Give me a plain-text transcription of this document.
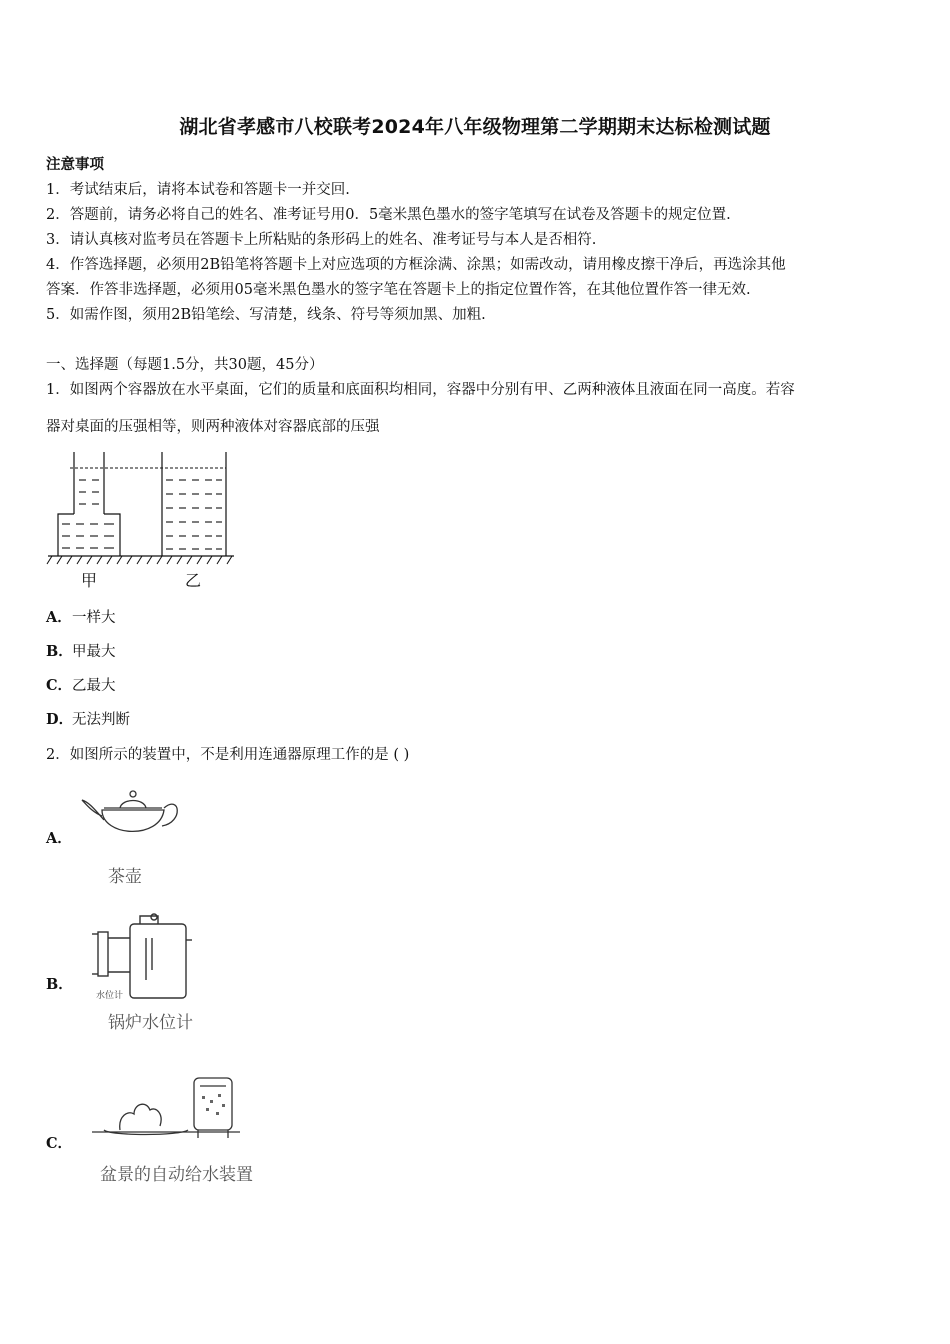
湖北省孝感市八校联考2024年八年级物理第二学期期末达标检测试题
注意事项
1．考试结束后，请将本试卷和答题卡一并交回.
2．答题前，请务必将自己的姓名、准考证号用0．5毫米黑色墨水的签字笔填写在试卷及答题卡的规定位置.
3．请认真核对监考员在答题卡上所粘贴的条形码上的姓名、准考证号与本人是否相符.
4．作答选择题，必须用2B铅笔将答题卡上对应选项的方框涂满、涂黑；如需改动，请用橡皮擦干净后，再选涂其他
答案．作答非选择题，必须用05毫米黑色墨水的签字笔在答题卡上的指定位置作答，在其他位置作答一律无效.
5．如需作图，须用2B铅笔绘、写清楚，线条、符号等须加黑、加粗.
一、选择题（每题1.5分，共30题，45分）
1．如图两个容器放在水平桌面，它们的质量和底面积均相同，容器中分别有甲、乙两种液体且液面在同一高度。若容
器对桌面的压强相等，则两种液体对容器底部的压强
甲	乙
A．一样大
B．甲最大
C．乙最大
D．无法判断
2．如图所示的装置中，不是利用连通器原理工作的是 ( )
A．
茶壶
B．
水位计
锅炉水位计
C．
盆景的自动给水装置
